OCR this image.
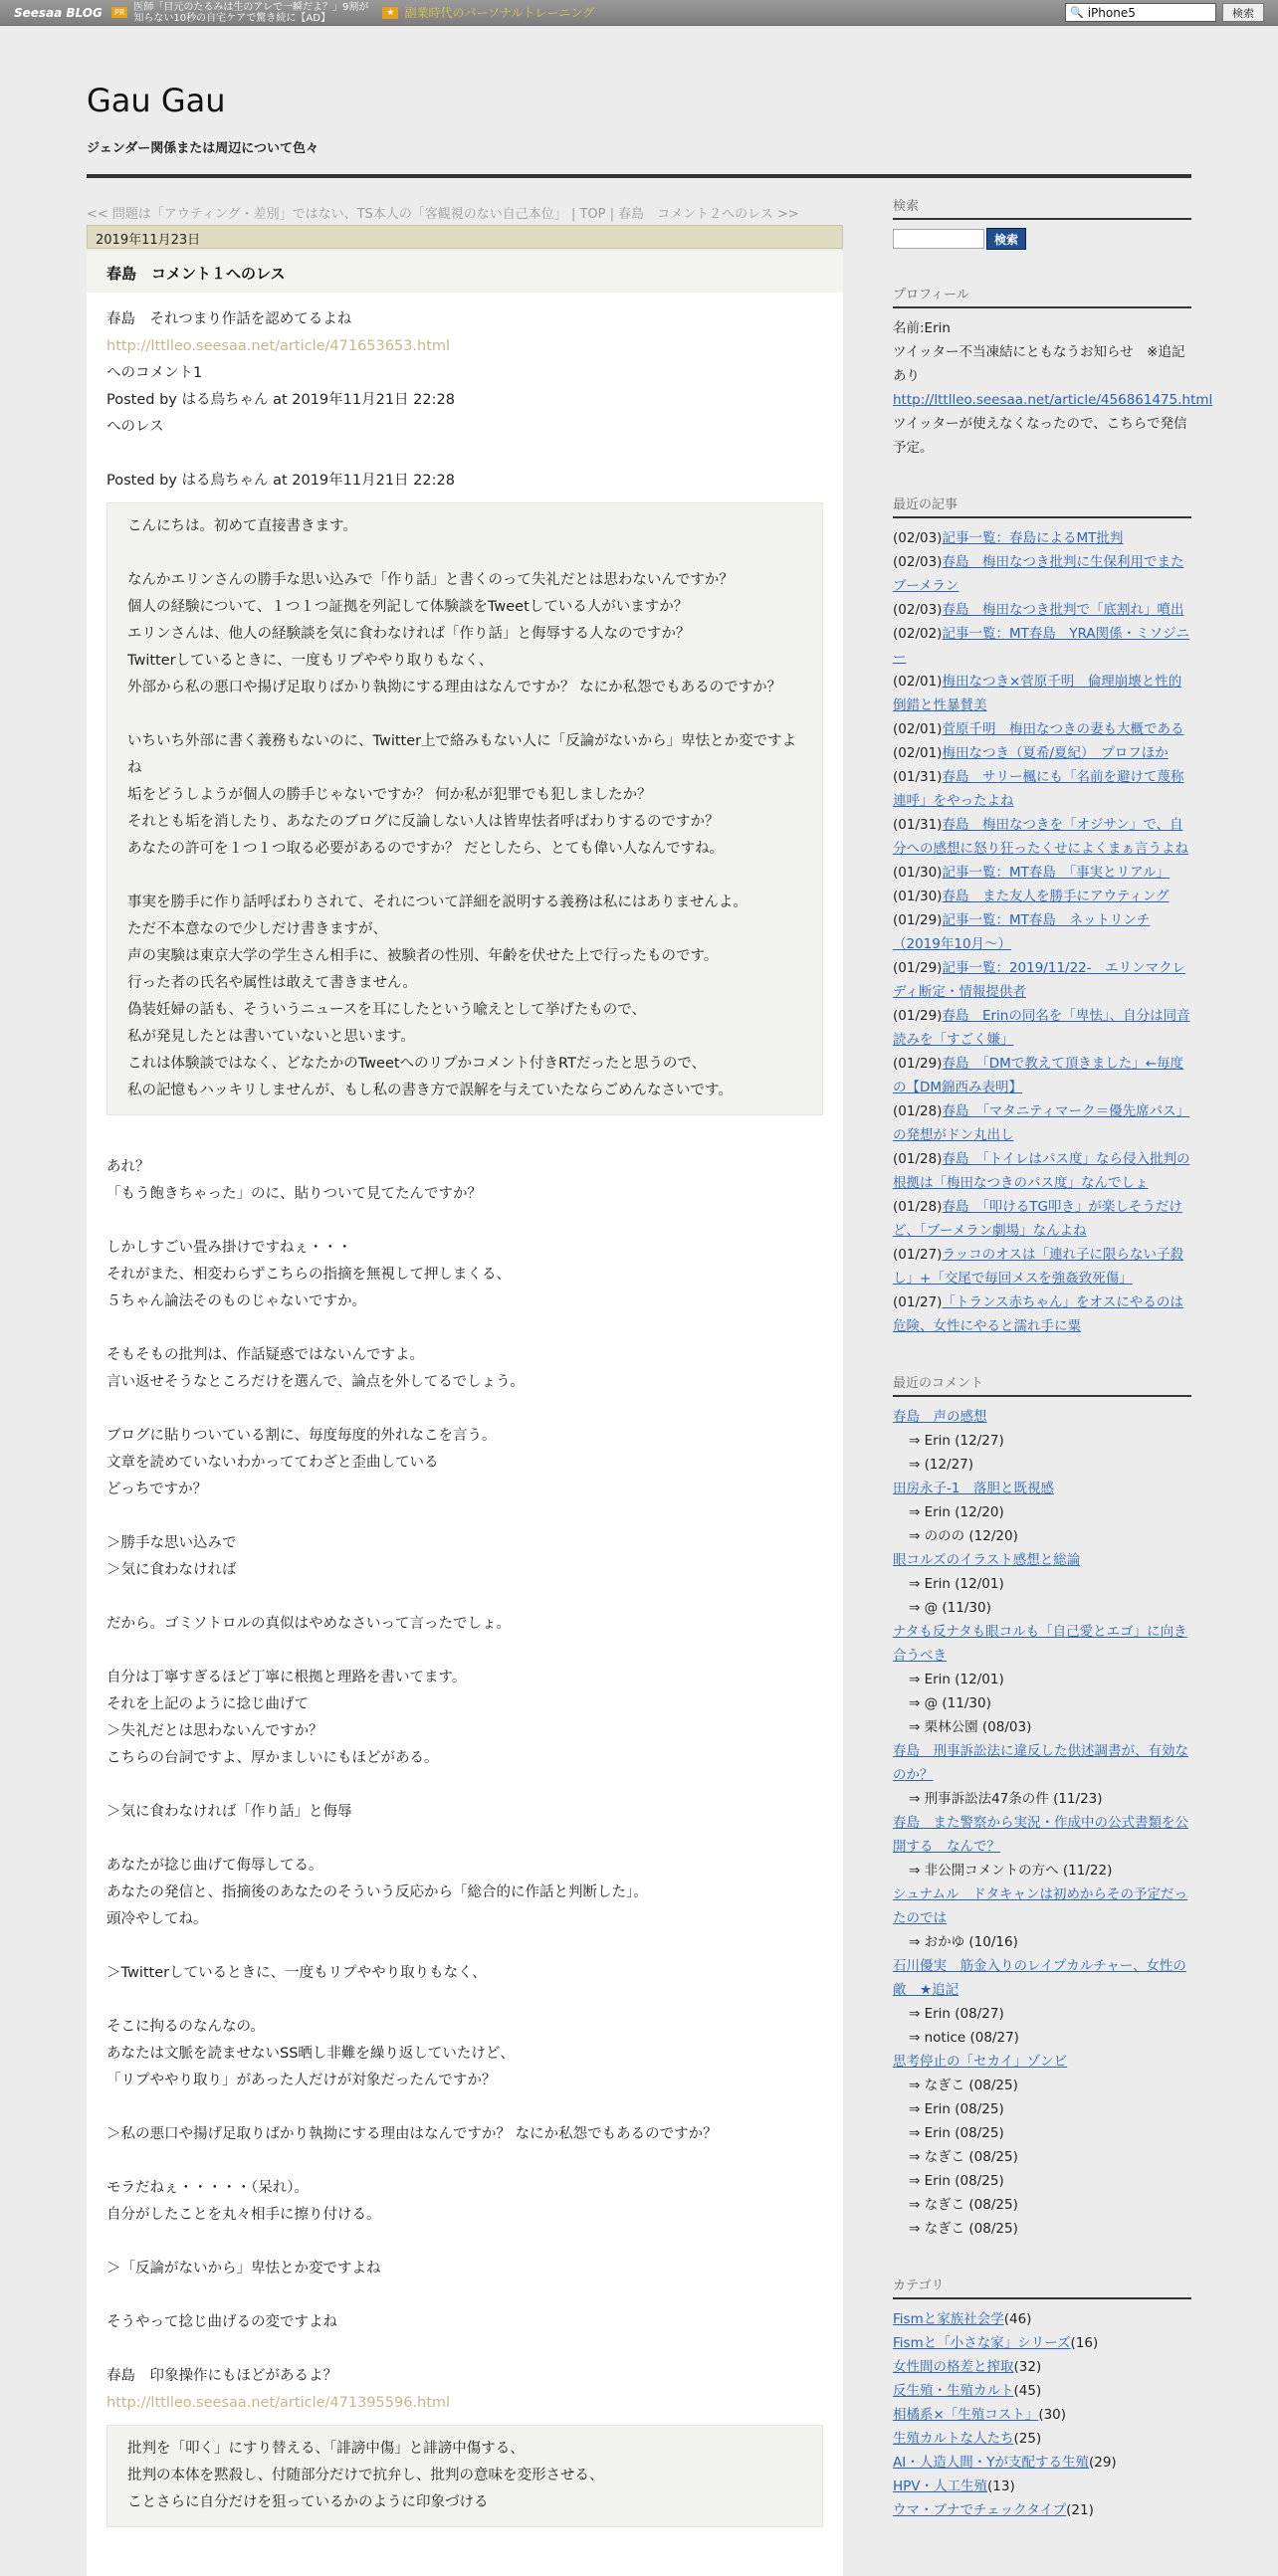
Seesaa BLOG	PR 医師「目元のたるみは生のアレで一瞬だよ？」9割が知らない10秒の自宅ケアで驚き続に【AD】	★ 副業時代のパーソナルトレーニング	🔍 iPhone5	検索
Gau Gau
ジェンダー関係または周辺について色々
<< 問題は「アウティング・差別」ではない、TS本人の「客観視のない自己本位」 | TOP | 春島　コメント２へのレス >>
2019年11月23日
春島　コメント１へのレス

春島　それつまり作話を認めてるよね

http://lttlleo.seesaa.net/article/471653653.html

へのコメント1

Posted by はる鳥ちゃん at 2019年11月21日 22:28

へのレス

Posted by はる鳥ちゃん at 2019年11月21日 22:28

こんにちは。初めて直接書きます。

なんかエリンさんの勝手な思い込みで「作り話」と書くのって失礼だとは思わないんですか？

個人の経験について、１つ１つ証拠を列記して体験談をTweetしている人がいますか？

エリンさんは、他人の経験談を気に食わなければ「作り話」と侮辱する人なのですか？

Twitterしているときに、一度もリプややり取りもなく、

外部から私の悪口や揚げ足取りばかり執拗にする理由はなんですか？ なにか私怨でもあるのですか？

いちいち外部に書く義務もないのに、Twitter上で絡みもない人に「反論がないから」卑怯とか変ですよね

垢をどうしようが個人の勝手じゃないですか？ 何か私が犯罪でも犯しましたか？

それとも垢を消したり、あなたのブログに反論しない人は皆卑怯者呼ばわりするのですか？

あなたの許可を１つ１つ取る必要があるのですか？ だとしたら、とても偉い人なんですね。

事実を勝手に作り話呼ばわりされて、それについて詳細を説明する義務は私にはありませんよ。

ただ不本意なので少しだけ書きますが、

声の実験は東京大学の学生さん相手に、被験者の性別、年齢を伏せた上で行ったものです。

行った者の氏名や属性は敢えて書きません。

偽装妊婦の話も、そういうニュースを耳にしたという喩えとして挙げたもので、

私が発見したとは書いていないと思います。

これは体験談ではなく、どなたかのTweetへのリプかコメント付きRTだったと思うので、

私の記憶もハッキリしませんが、もし私の書き方で誤解を与えていたならごめんなさいです。

あれ？

「もう飽きちゃった」のに、貼りついて見てたんですか？

しかしすごい畳み掛けですねぇ・・・

それがまた、相変わらずこちらの指摘を無視して押しまくる、

５ちゃん論法そのものじゃないですか。

そもそもの批判は、作話疑惑ではないんですよ。

言い返せそうなところだけを選んで、論点を外してるでしょう。

ブログに貼りついている割に、毎度毎度的外れなこを言う。

文章を読めていないわかっててわざと歪曲している

どっちですか？

＞勝手な思い込みで

＞気に食わなければ

だから。ゴミソトロルの真似はやめなさいって言ったでしょ。

自分は丁寧すぎるほど丁寧に根拠と理路を書いてます。

それを上記のように捻じ曲げて

＞失礼だとは思わないんですか？

こちらの台詞ですよ、厚かましいにもほどがある。

＞気に食わなければ「作り話」と侮辱

あなたが捻じ曲げて侮辱してる。

あなたの発信と、指摘後のあなたのそういう反応から「総合的に作話と判断した」。

頭冷やしてね。

＞Twitterしているときに、一度もリプややり取りもなく、

そこに拘るのなんなの。

あなたは文脈を読ませないSS晒し非難を繰り返していたけど、

「リプややり取り」があった人だけが対象だったんですか？

＞私の悪口や揚げ足取りばかり執拗にする理由はなんですか？ なにか私怨でもあるのですか？

モラだねぇ・・・・・（呆れ）。

自分がしたことを丸々相手に擦り付ける。

＞「反論がないから」卑怯とか変ですよね

そうやって捻じ曲げるの変ですよね

春島　印象操作にもほどがあるよ？

http://lttlleo.seesaa.net/article/471395596.html

批判を「叩く」にすり替える、「誹謗中傷」と誹謗中傷する、

批判の本体を黙殺し、付随部分だけで抗弁し、批判の意味を変形させる、

ことさらに自分だけを狙っているかのように印象づける

検索
検索
プロフィール

名前:Erin

ツイッター不当凍結にともなうお知らせ　※追記あり

http://lttlleo.seesaa.net/article/456861475.html
ツイッターが使えなくなったので、こちらで発信予定。
最近の記事
(02/03)記事一覧：春島によるMT批判
(02/03)春島　梅田なつき批判に生保利用でまたブーメラン
(02/03)春島　梅田なつき批判で「底割れ」噴出
(02/02)記事一覧：MT春島　YRA関係・ミソジニー
(02/01)梅田なつき×菅原千明　倫理崩壊と性的倒錯と性暴賛美
(02/01)菅原千明　梅田なつきの妻も大概である
(02/01)梅田なつき（夏希/夏紀）　プロフほか
(01/31)春島　サリー楓にも「名前を避けて蔑称連呼」をやったよね
(01/31)春島　梅田なつきを「オジサン」で、自分への感想に怒り狂ったくせによくまぁ言うよね
(01/30)記事一覧：MT春島　「事実とリアル」
(01/30)春島　また友人を勝手にアウティング
(01/29)記事一覧：MT春島　ネットリンチ（2019年10月～）
(01/29)記事一覧：2019/11/22-　エリンマクレディ断定・情報提供者
(01/29)春島　Erinの同名を「卑怯」、自分は同音読みを「すごく嫌」
(01/29)春島　「DMで教えて頂きました」←毎度の【DM錦西み表明】
(01/28)春島　「マタニティマーク＝優先席パス」の発想がドン丸出し
(01/28)春島　「トイレはパス度」なら侵入批判の根拠は「梅田なつきのパス度」なんでしょ
(01/28)春島　「叩けるTG叩き」が楽しそうだけど、「ブーメラン劇場」なんよね
(01/27)ラッコのオスは「連れ子に限らない子殺し」+「交尾で毎回メスを強姦致死傷」
(01/27)「トランス赤ちゃん」をオスにやるのは危険、女性にやると濡れ手に粟
最近のコメント
春島　声の感想
⇒ Erin (12/27)
⇒ (12/27)
田房永子-1　落胆と既視感
⇒ Erin (12/20)
⇒ ののの (12/20)
眼コルズのイラスト感想と総論
⇒ Erin (12/01)
⇒ @ (11/30)
ナタも反ナタも眼コルも「自己愛とエゴ」に向き合うべき
⇒ Erin (12/01)
⇒ @ (11/30)
⇒ 栗林公園 (08/03)
春島　刑事訴訟法に違反した供述調書が、有効なのか？
⇒ 刑事訴訟法47条の件 (11/23)
春島　また警察から実況・作成中の公式書類を公開する　なんで？
⇒ 非公開コメントの方へ (11/22)
シュナムル　ドタキャンは初めからその予定だったのでは
⇒ おかゆ (10/16)
石川優実　筋金入りのレイプカルチャー、女性の敵　★追記
⇒ Erin (08/27)
⇒ notice (08/27)
思考停止の「セカイ」ゾンビ
⇒ なぎこ (08/25)
⇒ Erin (08/25)
⇒ Erin (08/25)
⇒ なぎこ (08/25)
⇒ Erin (08/25)
⇒ なぎこ (08/25)
⇒ なぎこ (08/25)
カテゴリ
Fismと家族社会学(46)
Fismと「小さな家」シリーズ(16)
女性間の格差と搾取(32)
反生殖・生殖カルト(45)
相橘系×「生殖コスト」(30)
生殖カルトな人たち(25)
AI・人造人間・Yが支配する生殖(29)
HPV・人工生殖(13)
ウマ・ブナでチェックタイプ(21)
